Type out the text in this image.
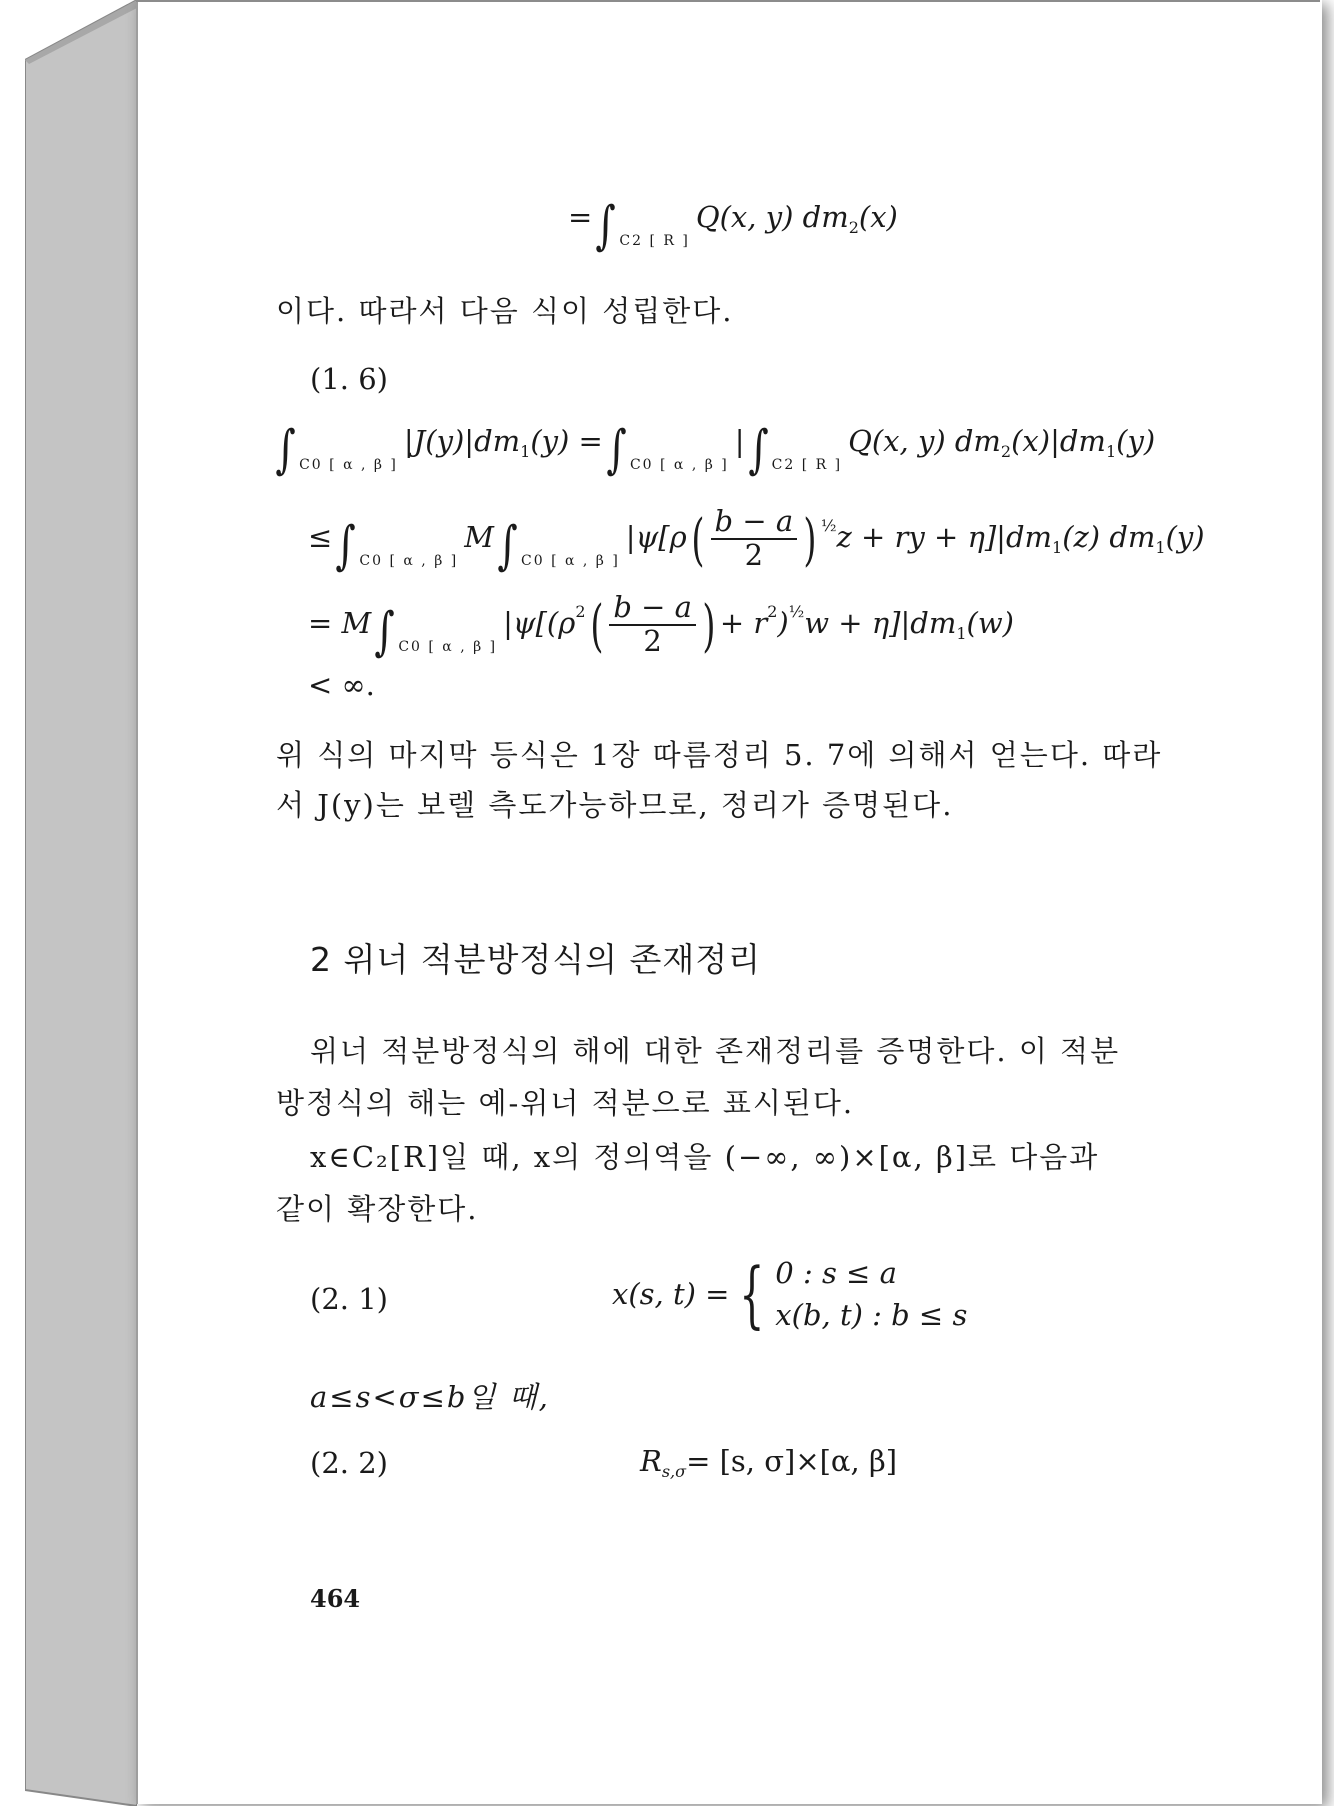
=∫ $_{C2 [ R ]}$Q(x, y) $dm_2(x)$
이다. 따라서 다음 식이 성립한다.
(1. 6)
∫ $_{C0 [ \alpha , \beta ]}|J(y)|dm_1(y)$ =∫ $_{C0 [ \alpha , \beta ]}$|∫ $_{C2 [ R ]}$Q(x, y) $dm_2(x)|dm_1(y)$
≤∫ $_{C0 [ \alpha , \beta ]}$M∫ $_{C0 [ \alpha , \beta ]}|\psi[\rho( \frac{b - a}{2}$ ) $^{\frac{1}{2}}$z + ry + $\eta]|dm_1(z)$ $dm_1(y)$
= M∫ $_{C0 [ \alpha , \beta ]}|\psi[(\rho^2( \frac{b - a}{2}$ ) + $r^2)^{\frac{1}{2}}w + \eta]|dm_1(w)$
< ∞.
위 식의 마지막 등식은 1장 따름정리 5. 7에 의해서 얻는다. 따라
서 J(y)는 보렐 측도가능하므로, 정리가 증명된다.
2 위너 적분방정식의 존재정리
위너 적분방정식의 해에 대한 존재정리를 증명한다. 이 적분
방정식의 해는 예-위너 적분으로 표시된다.
x∈C₂[R]일 때, x의 정의역을 (−∞, ∞)×[α, β]로 다음과
같이 확장한다.
(2. 1)	x(s, t) = { 0 : s ≤ a
x(b, t) : b ≤ s
a≤s<σ≤b일 때,
(2. 2)	$R_{s,\sigma}= [s$, σ]×[α, β]
464
